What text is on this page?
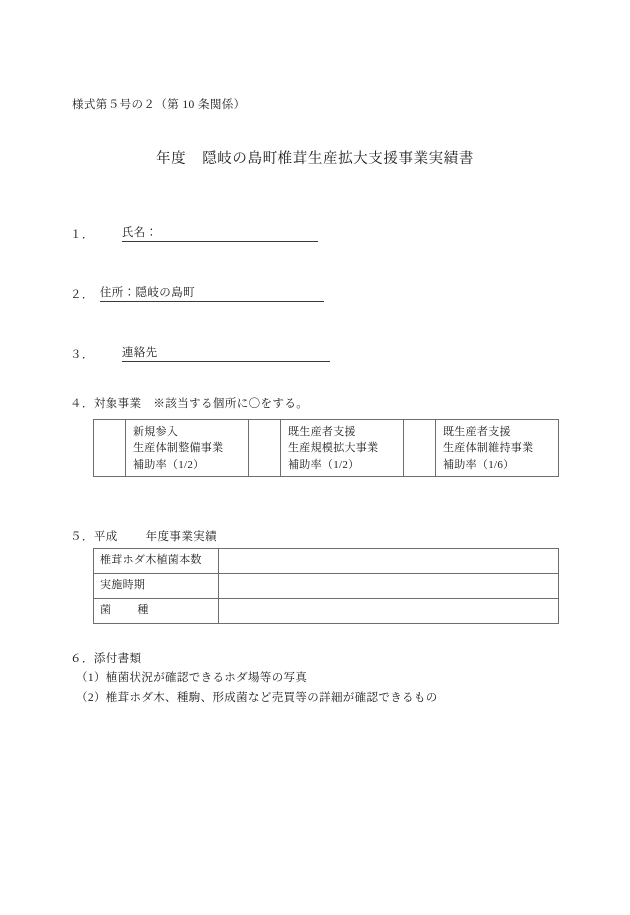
様式第５号の２（第 10 条関係）
年度 隠岐の島町椎茸生産拡大支援事業実績書
１． 氏名：
２． 住所：隠岐の島町
３． 連絡先
４．対象事業 ※該当する個所に〇をする。

新規参入
生産体制整備事業
補助率（1/2）

既生産者支援
生産規模拡大事業
補助率（1/2）

既生産者支援
生産体制維持事業
補助率（1/6）
５．平成 年度事業実績
椎茸ホダ木植菌本数	
実施時期	
菌 種	
６．添付書類
（1）植菌状況が確認できるホダ場等の写真
（2）椎茸ホダ木、種駒、形成菌など売買等の詳細が確認できるもの
